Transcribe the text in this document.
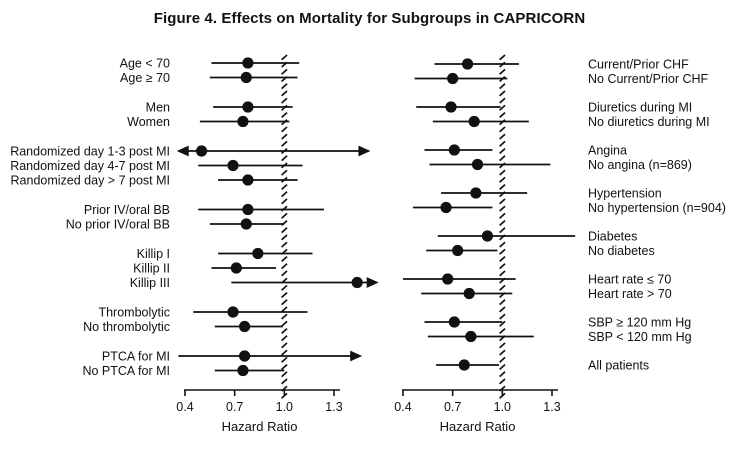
Figure 4. Effects on Mortality for Subgroups in CAPRICORN
0.4	0.7	1.0	1.3
Hazard Ratio
Age < 70
Age ≥ 70
Men
Women
Randomized day 1-3 post MI
Randomized day 4-7 post MI
Randomized day > 7 post MI
Prior IV/oral BB
No prior IV/oral BB
Killip I
Killip II
Killip III
Thrombolytic
No thrombolytic
PTCA for MI
No PTCA for MI
0.4	0.7	1.0	1.3
Hazard Ratio
Current/Prior CHF
No Current/Prior CHF
Diuretics during MI
No diuretics during MI
Angina
No angina (n=869)
Hypertension
No hypertension (n=904)
Diabetes
No diabetes
Heart rate ≤ 70
Heart rate > 70
SBP ≥ 120 mm Hg
SBP < 120 mm Hg
All patients
